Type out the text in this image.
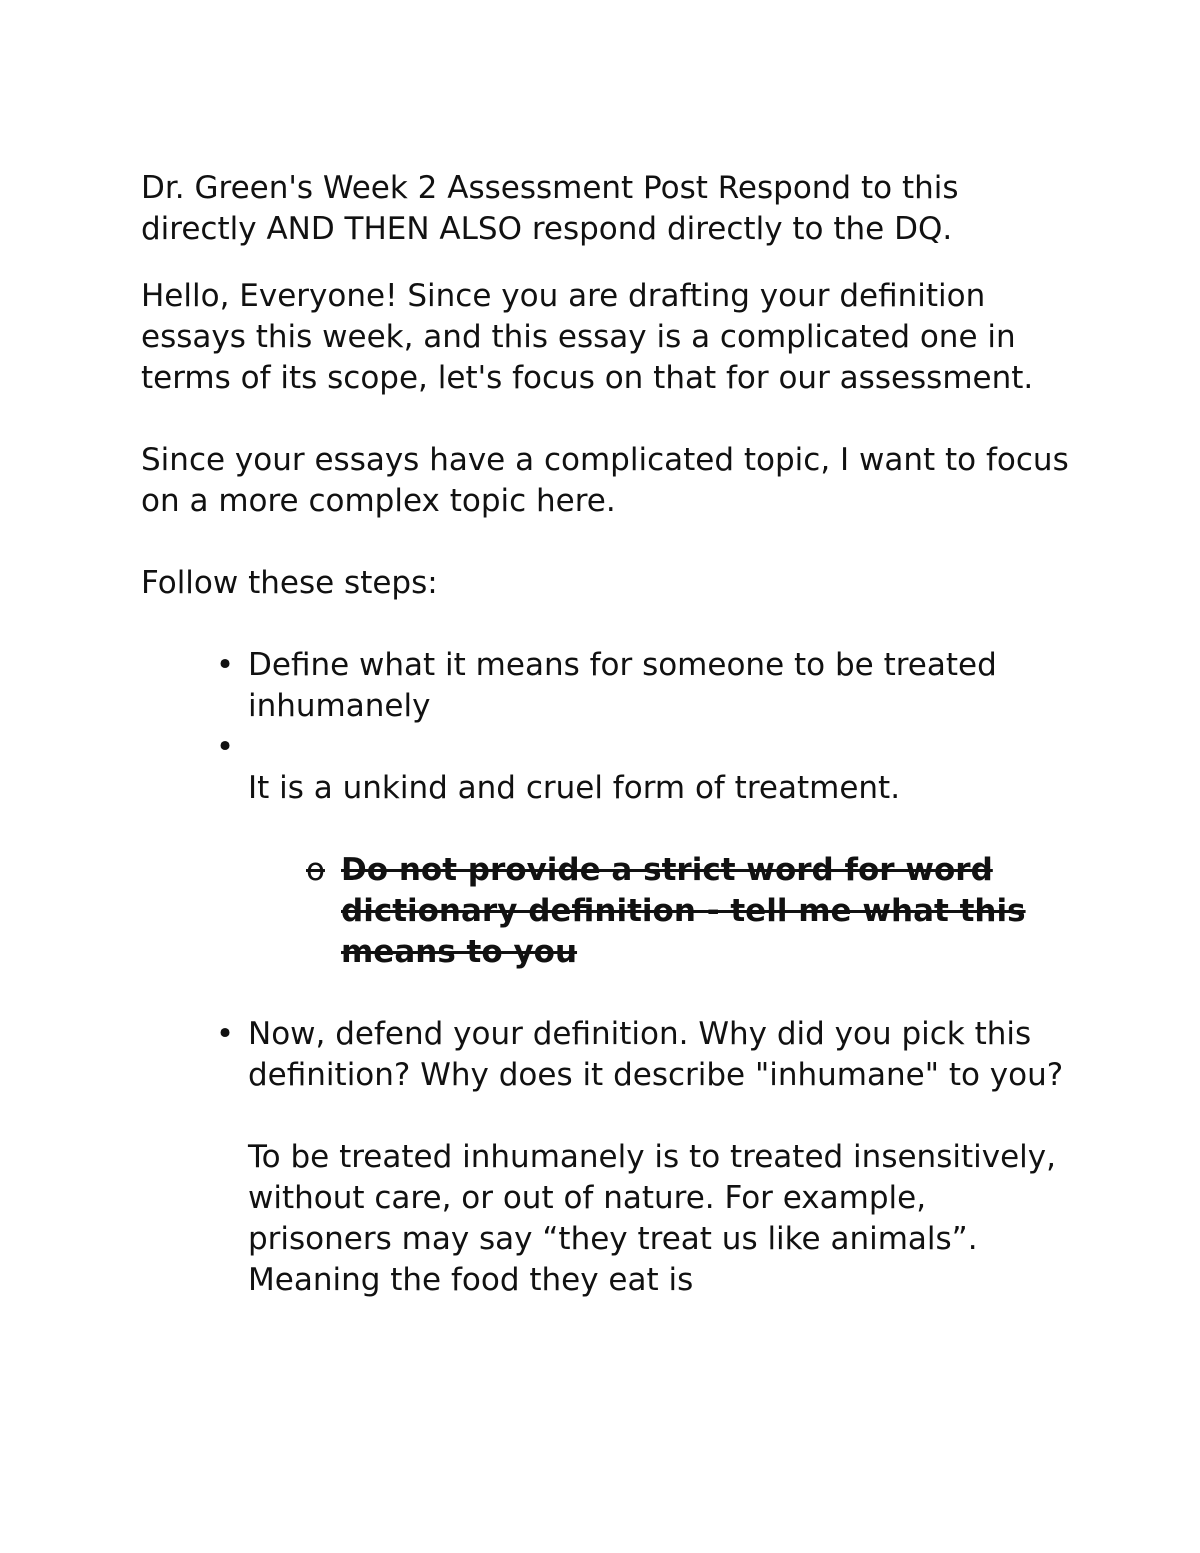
Dr. Green's Week 2 Assessment Post Respond to this directly AND THEN ALSO respond directly to the DQ.

Hello, Everyone! Since you are drafting your definition essays this week, and this essay is a complicated one in terms of its scope, let's focus on that for our assessment.

Since your essays have a complicated topic, I want to focus on a more complex topic here.

Follow these steps:

• Define what it means for someone to be treated inhumanely
•

It is a unkind and cruel form of treatment.
o Do not provide a strict word for word dictionary definition - tell me what this means to you
• Now, defend your definition. Why did you pick this definition? Why does it describe "inhumane" to you?
To be treated inhumanely is to treated insensitively, without care, or out of nature. For example, prisoners may say “they treat us like animals”. Meaning the food they eat is
